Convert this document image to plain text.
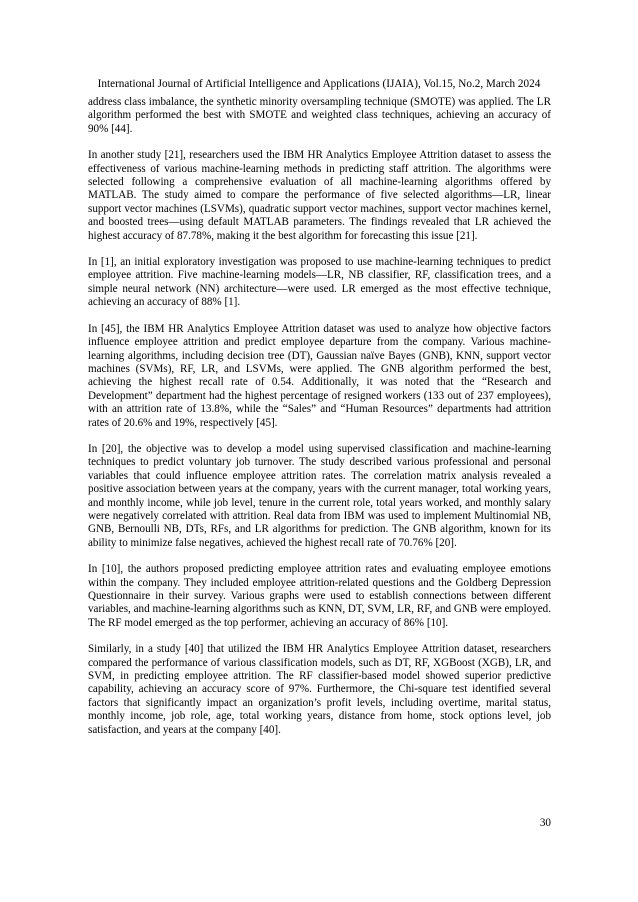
International Journal of Artificial Intelligence and Applications (IJAIA), Vol.15, No.2, March 2024

address class imbalance, the synthetic minority oversampling technique (SMOTE) was applied. The LR algorithm performed the best with SMOTE and weighted class techniques, achieving an accuracy of 90% [44].

In another study [21], researchers used the IBM HR Analytics Employee Attrition dataset to assess the effectiveness of various machine-learning methods in predicting staff attrition. The algorithms were selected following a comprehensive evaluation of all machine-learning algorithms offered by MATLAB. The study aimed to compare the performance of five selected algorithms—LR, linear support vector machines (LSVMs), quadratic support vector machines, support vector machines kernel, and boosted trees—using default MATLAB parameters. The findings revealed that LR achieved the highest accuracy of 87.78%, making it the best algorithm for forecasting this issue [21].

In [1], an initial exploratory investigation was proposed to use machine-learning techniques to predict employee attrition. Five machine-learning models—LR, NB classifier, RF, classification trees, and a simple neural network (NN) architecture—were used. LR emerged as the most effective technique, achieving an accuracy of 88% [1].

In [45], the IBM HR Analytics Employee Attrition dataset was used to analyze how objective factors influence employee attrition and predict employee departure from the company. Various machine-learning algorithms, including decision tree (DT), Gaussian naïve Bayes (GNB), KNN, support vector machines (SVMs), RF, LR, and LSVMs, were applied. The GNB algorithm performed the best, achieving the highest recall rate of 0.54. Additionally, it was noted that the “Research and Development” department had the highest percentage of resigned workers (133 out of 237 employees), with an attrition rate of 13.8%, while the “Sales” and “Human Resources” departments had attrition rates of 20.6% and 19%, respectively [45].

In [20], the objective was to develop a model using supervised classification and machine-learning techniques to predict voluntary job turnover. The study described various professional and personal variables that could influence employee attrition rates. The correlation matrix analysis revealed a positive association between years at the company, years with the current manager, total working years, and monthly income, while job level, tenure in the current role, total years worked, and monthly salary were negatively correlated with attrition. Real data from IBM was used to implement Multinomial NB, GNB, Bernoulli NB, DTs, RFs, and LR algorithms for prediction. The GNB algorithm, known for its ability to minimize false negatives, achieved the highest recall rate of 70.76% [20].

In [10], the authors proposed predicting employee attrition rates and evaluating employee emotions within the company. They included employee attrition-related questions and the Goldberg Depression Questionnaire in their survey. Various graphs were used to establish connections between different variables, and machine-learning algorithms such as KNN, DT, SVM, LR, RF, and GNB were employed. The RF model emerged as the top performer, achieving an accuracy of 86% [10].

Similarly, in a study [40] that utilized the IBM HR Analytics Employee Attrition dataset, researchers compared the performance of various classification models, such as DT, RF, XGBoost (XGB), LR, and SVM, in predicting employee attrition. The RF classifier-based model showed superior predictive capability, achieving an accuracy score of 97%. Furthermore, the Chi-square test identified several factors that significantly impact an organization’s profit levels, including overtime, marital status, monthly income, job role, age, total working years, distance from home, stock options level, job satisfaction, and years at the company [40].

30
